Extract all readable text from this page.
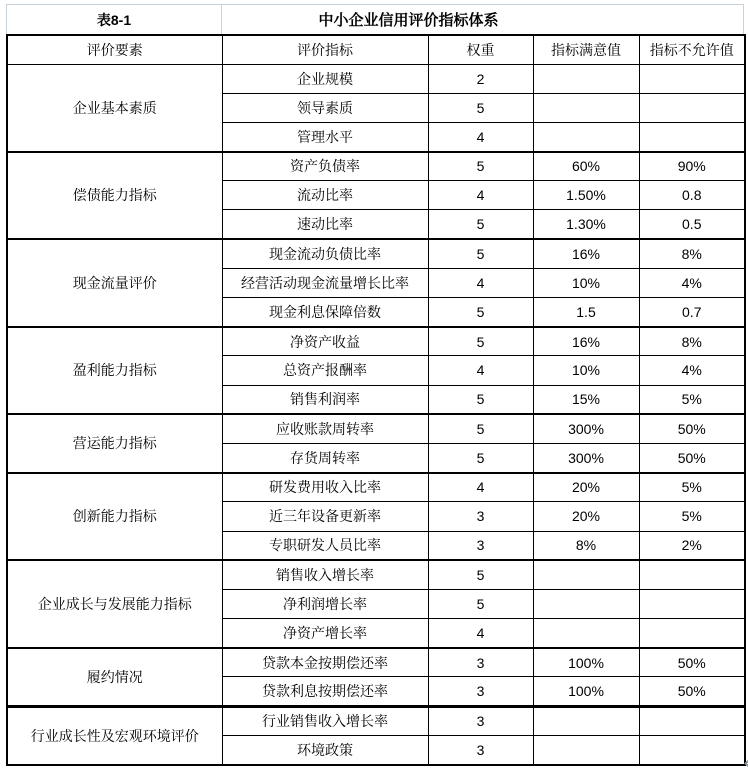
表8-1	中小企业信用评价指标体系
评价要素	评价指标	权重	指标满意值	指标不允许值
企业基本素质	企业规模	2		
	领导素质	5		
	管理水平	4		
偿债能力指标	资产负债率	5	60%	90%
	流动比率	4	1.50%	0.8
	速动比率	5	1.30%	0.5
现金流量评价	现金流动负债比率	5	16%	8%
	经营活动现金流量增长比率	4	10%	4%
	现金利息保障倍数	5	1.5	0.7
盈利能力指标	净资产收益	5	16%	8%
	总资产报酬率	4	10%	4%
	销售利润率	5	15%	5%
营运能力指标	应收账款周转率	5	300%	50%
	存货周转率	5	300%	50%
创新能力指标	研发费用收入比率	4	20%	5%
	近三年设备更新率	3	20%	5%
	专职研发人员比率	3	8%	2%
企业成长与发展能力指标	销售收入增长率	5		
	净利润增长率	5		
	净资产增长率	4		
履约情况	贷款本金按期偿还率	3	100%	50%
	贷款利息按期偿还率	3	100%	50%
行业成长性及宏观环境评价	行业销售收入增长率	3		
	环境政策	3		
